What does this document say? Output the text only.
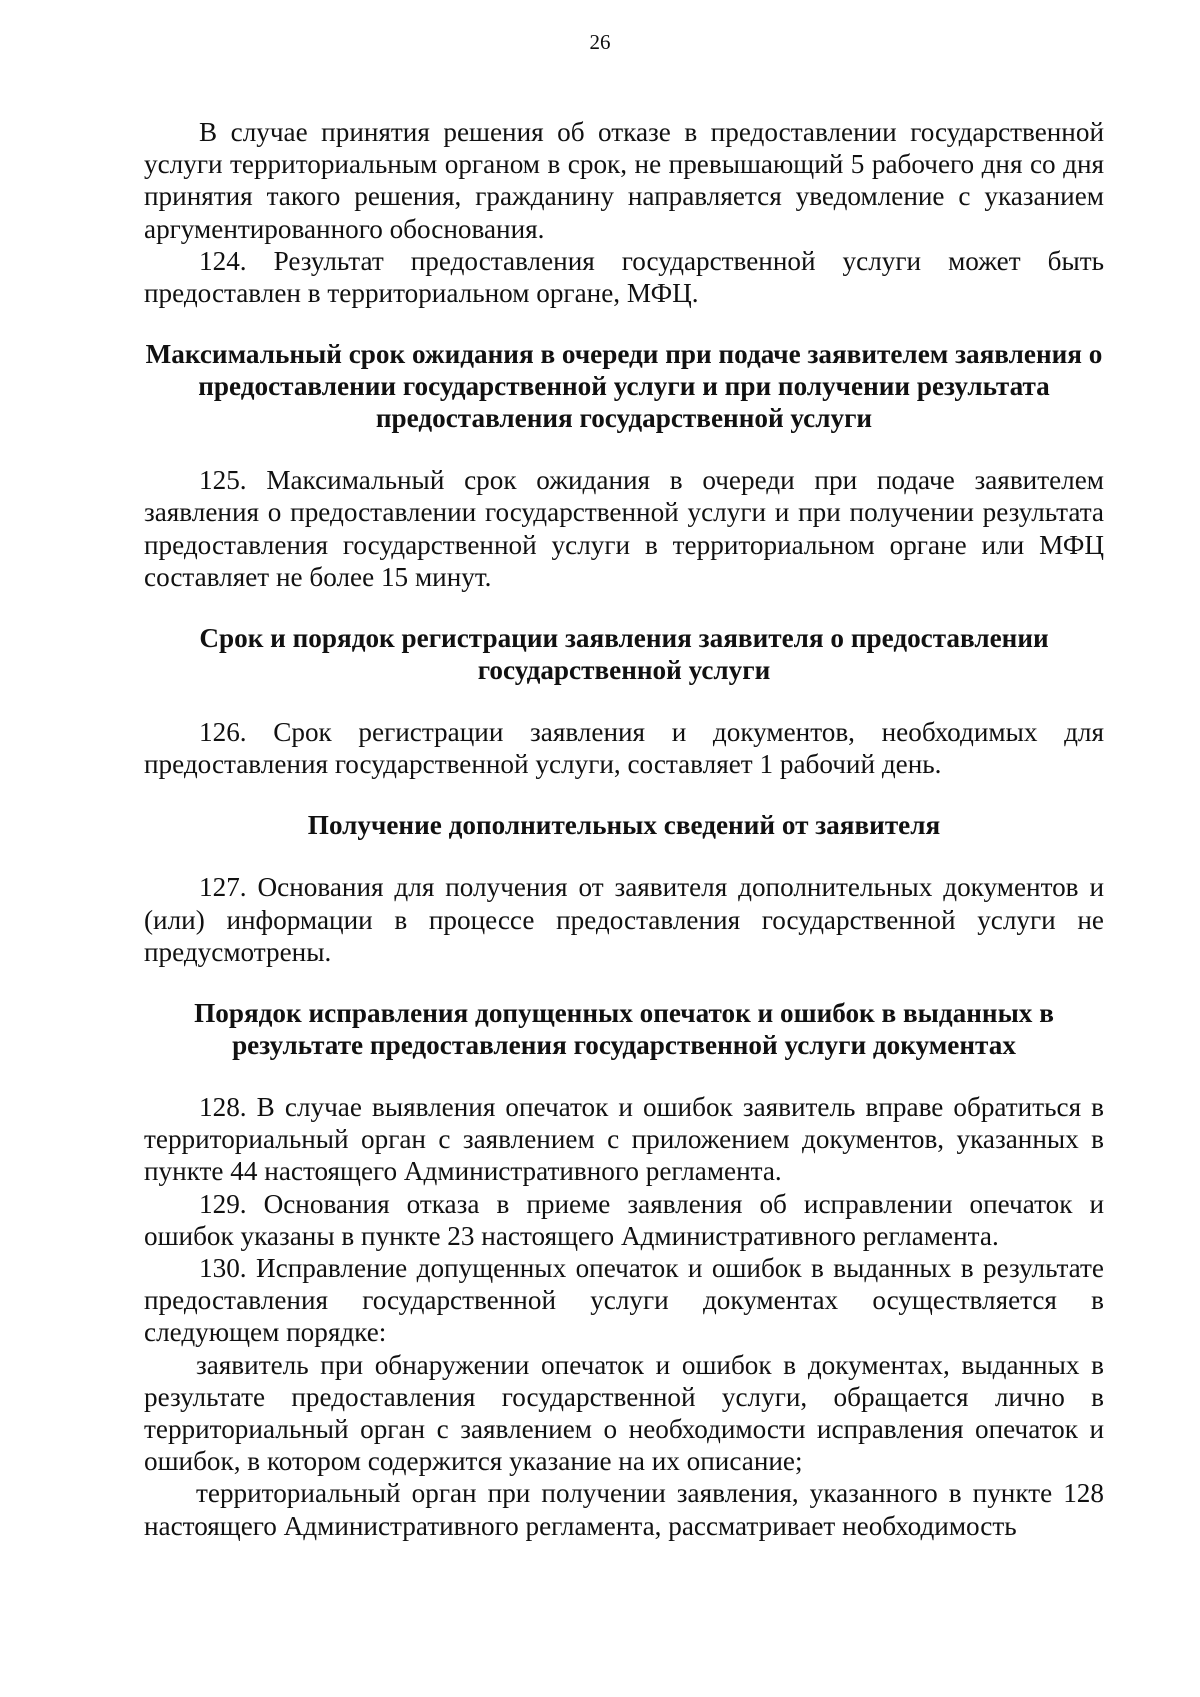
26

В случае принятия решения об отказе в предоставлении государственной услуги территориальным органом в срок, не превышающий 5 рабочего дня со дня принятия такого решения, гражданину направляется уведомление с указанием аргументированного обоснования.

124. Результат предоставления государственной услуги может быть предоставлен в территориальном органе, МФЦ.

Максимальный срок ожидания в очереди при подаче заявителем заявления о предоставлении государственной услуги и при получении результата предоставления государственной услуги

125. Максимальный срок ожидания в очереди при подаче заявителем заявления о предоставлении государственной услуги и при получении результата предоставления государственной услуги в территориальном органе или МФЦ составляет не более 15 минут.

Срок и порядок регистрации заявления заявителя о предоставлении государственной услуги

126. Срок регистрации заявления и документов, необходимых для предоставления государственной услуги, составляет 1 рабочий день.

Получение дополнительных сведений от заявителя

127. Основания для получения от заявителя дополнительных документов и (или) информации в процессе предоставления государственной услуги не предусмотрены.

Порядок исправления допущенных опечаток и ошибок в выданных в результате предоставления государственной услуги документах

128. В случае выявления опечаток и ошибок заявитель вправе обратиться в территориальный орган с заявлением с приложением документов, указанных в пункте 44 настоящего Административного регламента.

129. Основания отказа в приеме заявления об исправлении опечаток и ошибок указаны в пункте 23 настоящего Административного регламента.

130. Исправление допущенных опечаток и ошибок в выданных в результате предоставления государственной услуги документах осуществляется в следующем порядке:

заявитель при обнаружении опечаток и ошибок в документах, выданных в результате предоставления государственной услуги, обращается лично в территориальный орган с заявлением о необходимости исправления опечаток и ошибок, в котором содержится указание на их описание;

территориальный орган при получении заявления, указанного в пункте 128 настоящего Административного регламента, рассматривает необходимость
